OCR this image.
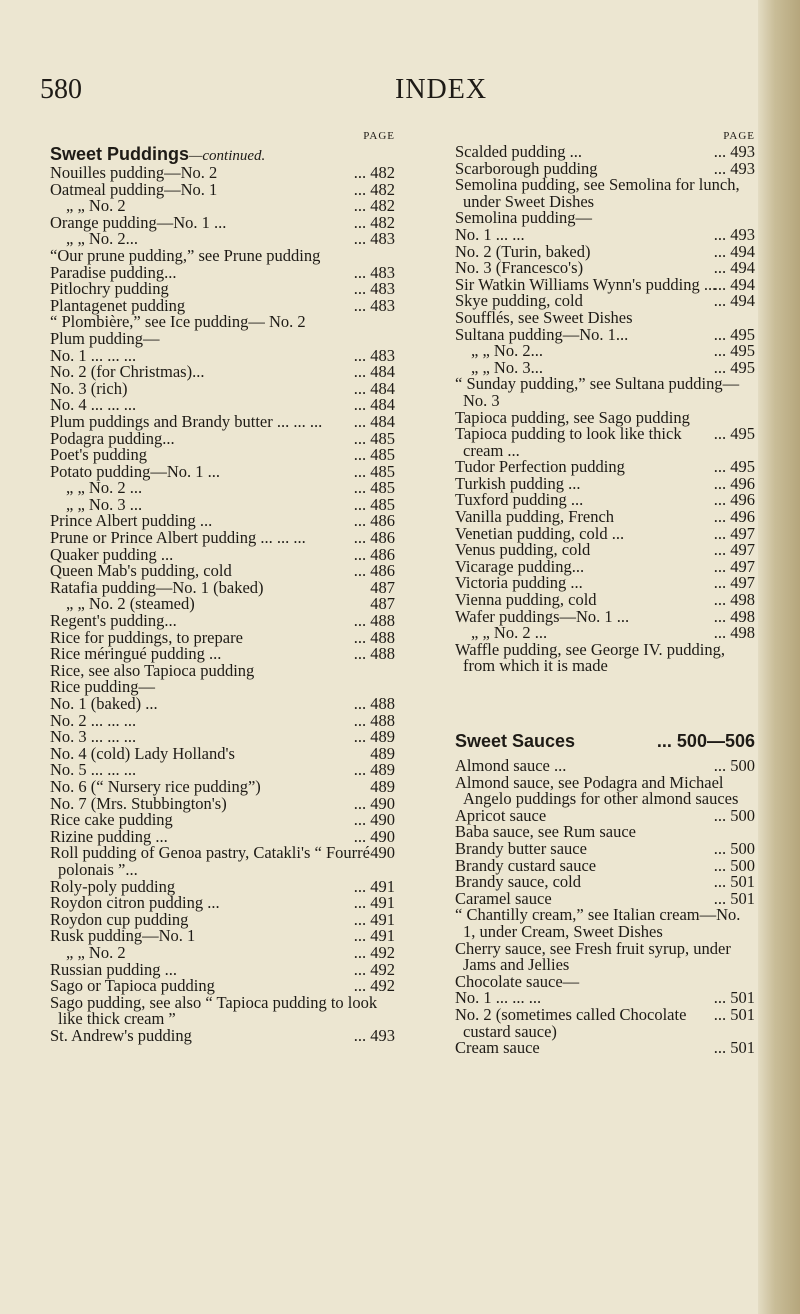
580	INDEX
PAGE
Sweet Puddings—continued.
... 482
Nouilles pudding—No. 2
... 482
Oatmeal pudding—No. 1
... 482
„ „ No. 2
... 482
Orange pudding—No. 1 ...
... 483
„ „ No. 2...
“Our prune pudding,” see Prune pudding
... 483
Paradise pudding...
... 483
Pitlochry pudding
... 483
Plantagenet pudding
“ Plombière,” see Ice pudding— No. 2
Plum pudding—
... 483
No. 1 ... ... ...
... 484
No. 2 (for Christmas)...
... 484
No. 3 (rich)
... 484
No. 4 ... ... ...
... 484
Plum puddings and Brandy butter ... ... ...
... 485
Podagra pudding...
... 485
Poet's pudding
... 485
Potato pudding—No. 1 ...
... 485
„ „ No. 2 ...
... 485
„ „ No. 3 ...
... 486
Prince Albert pudding ...
... 486
Prune or Prince Albert pudding ... ... ...
... 486
Quaker pudding ...
... 486
Queen Mab's pudding, cold
487
Ratafia pudding—No. 1 (baked)
487
„ „ No. 2 (steamed)
... 488
Regent's pudding...
... 488
Rice for puddings, to prepare
... 488
Rice méringué pudding ...
Rice, see also Tapioca pudding
Rice pudding—
... 488
No. 1 (baked) ...
... 488
No. 2 ... ... ...
... 489
No. 3 ... ... ...
489
No. 4 (cold) Lady Holland's
... 489
No. 5 ... ... ...
489
No. 6 (“ Nursery rice pudding”)
... 490
No. 7 (Mrs. Stubbington's)
... 490
Rice cake pudding
... 490
Rizine pudding ...
490
Roll pudding of Genoa pastry, Catakli's “ Fourré polonais ”...
... 491
Roly-poly pudding
... 491
Roydon citron pudding ...
... 491
Roydon cup pudding
... 491
Rusk pudding—No. 1
... 492
„ „ No. 2
... 492
Russian pudding ...
... 492
Sago or Tapioca pudding
Sago pudding, see also “ Tapioca pudding to look like thick cream ”
... 493
St. Andrew's pudding
PAGE
... 493
Scalded pudding ...
... 493
Scarborough pudding
Semolina pudding, see Semolina for lunch, under Sweet Dishes
Semolina pudding—
... 493
No. 1 ... ...
... 494
No. 2 (Turin, baked)
... 494
No. 3 (Francesco's)
... 494
Sir Watkin Williams Wynn's pudding ...
... 494
Skye pudding, cold
Soufflés, see Sweet Dishes
... 495
Sultana pudding—No. 1...
... 495
„ „ No. 2...
... 495
„ „ No. 3...
“ Sunday pudding,” see Sultana pudding—No. 3
Tapioca pudding, see Sago pudding
... 495
Tapioca pudding to look like thick cream ...
... 495
Tudor Perfection pudding
... 496
Turkish pudding ...
... 496
Tuxford pudding ...
... 496
Vanilla pudding, French
... 497
Venetian pudding, cold ...
... 497
Venus pudding, cold
... 497
Vicarage pudding...
... 497
Victoria pudding ...
... 498
Vienna pudding, cold
... 498
Wafer puddings—No. 1 ...
... 498
„ „ No. 2 ...
Waffle pudding, see George IV. pudding, from which it is made
Sweet Sauces	... 500—506
... 500
Almond sauce ...
Almond sauce, see Podagra and Michael Angelo puddings for other almond sauces
... 500
Apricot sauce
Baba sauce, see Rum sauce
... 500
Brandy butter sauce
... 500
Brandy custard sauce
... 501
Brandy sauce, cold
... 501
Caramel sauce
“ Chantilly cream,” see Italian cream—No. 1, under Cream, Sweet Dishes
Cherry sauce, see Fresh fruit syrup, under Jams and Jellies
Chocolate sauce—
... 501
No. 1 ... ... ...
... 501
No. 2 (sometimes called Chocolate custard sauce)
... 501
Cream sauce
